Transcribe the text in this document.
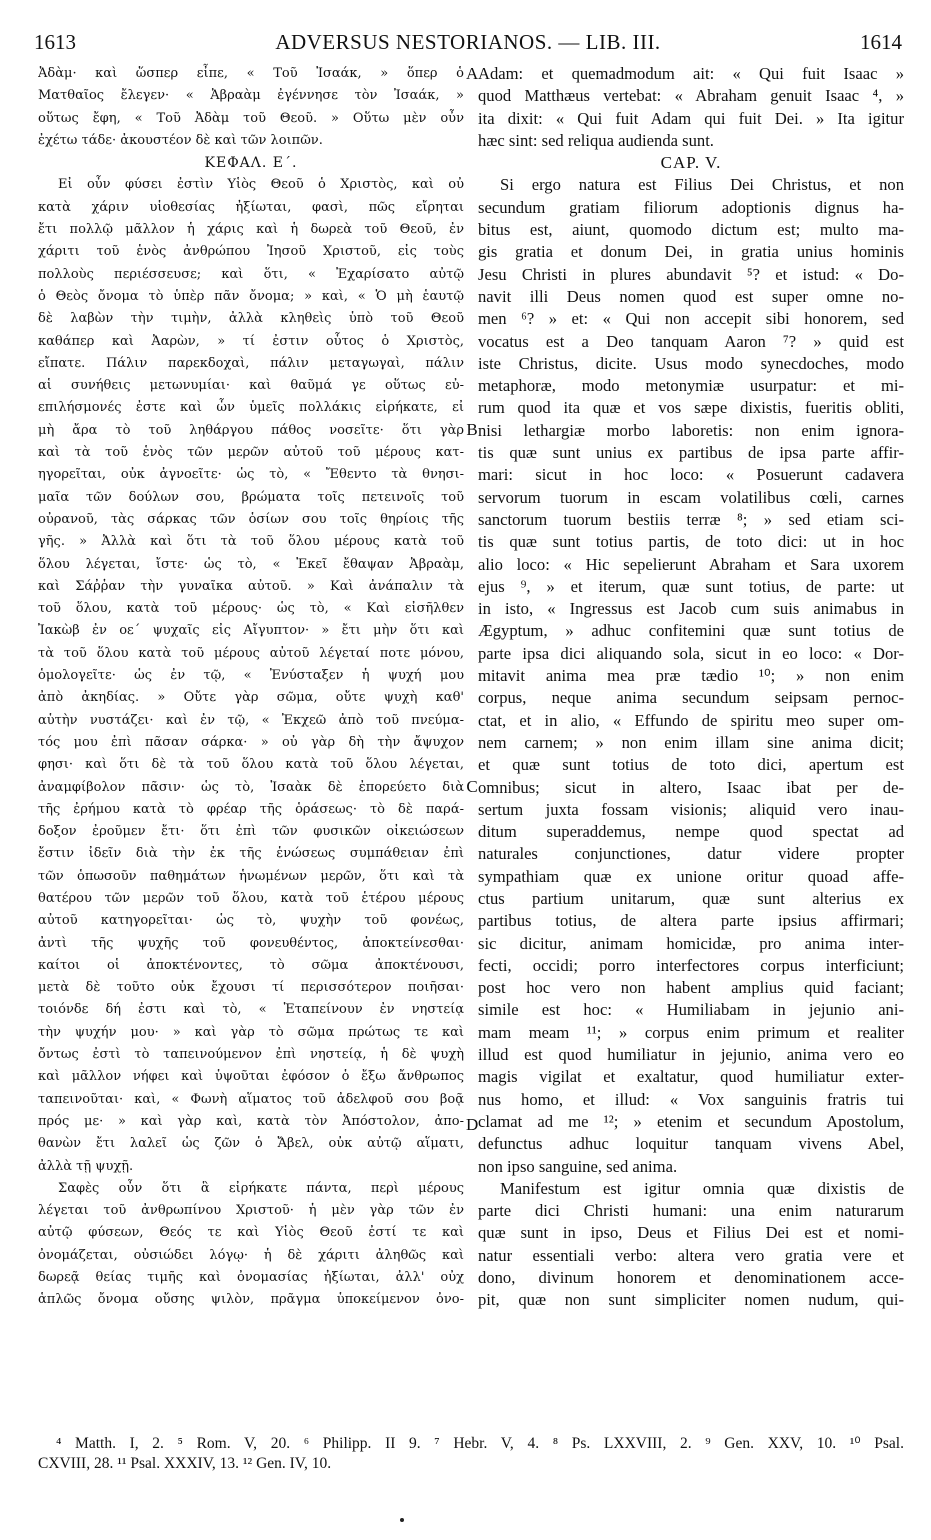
1613	ADVERSUS NESTORIANOS. — LIB. III.	1614
Ἀδὰμ· καὶ ὥσπερ εἶπε, « Τοῦ Ἰσαάκ, » ὅπερ ὁ
Ματθαῖος ἔλεγεν· « Ἀβραὰμ ἐγέννησε τὸν Ἰσαάκ, »
οὕτως ἔφη, « Τοῦ Ἀδὰμ τοῦ Θεοῦ. » Οὕτω μὲν οὖν
ἐχέτω τάδε· ἀκουστέον δὲ καὶ τῶν λοιπῶν.
ΚΕΦΑΛ. Ε΄.
Εἰ οὖν φύσει ἐστὶν Υἱὸς Θεοῦ ὁ Χριστὸς, καὶ οὐ
κατὰ χάριν υἱοθεσίας ἠξίωται, φασὶ, πῶς εἴρηται
ἔτι πολλῷ μᾶλλον ἡ χάρις καὶ ἡ δωρεὰ τοῦ Θεοῦ, ἐν
χάριτι τοῦ ἑνὸς ἀνθρώπου Ἰησοῦ Χριστοῦ, εἰς τοὺς
πολλοὺς περιέσσευσε; καὶ ὅτι, « Ἐχαρίσατο αὐτῷ
ὁ Θεὸς ὄνομα τὸ ὑπὲρ πᾶν ὄνομα; » καὶ, « Ὁ μὴ ἑαυτῷ
δὲ λαβὼν τὴν τιμὴν, ἀλλὰ κληθεὶς ὑπὸ τοῦ Θεοῦ
καθάπερ καὶ Ἀαρὼν, » τί ἐστιν οὗτος ὁ Χριστὸς,
εἴπατε. Πάλιν παρεκδοχαὶ, πάλιν μεταγωγαὶ, πάλιν
αἱ συνήθεις μετωνυμίαι· καὶ θαῦμά γε οὕτως εὐ-
επιλήσμονές ἐστε καὶ ὧν ὑμεῖς πολλάκις εἰρήκατε, εἰ
μὴ ἄρα τὸ τοῦ ληθάργου πάθος νοσεῖτε· ὅτι γὰρ
καὶ τὰ τοῦ ἑνὸς τῶν μερῶν αὐτοῦ τοῦ μέρους κατ-
ηγορεῖται, οὐκ ἀγνοεῖτε· ὡς τὸ, « Ἔθεντο τὰ θνησι-
μαῖα τῶν δούλων σου, βρώματα τοῖς πετεινοῖς τοῦ
οὐρανοῦ, τὰς σάρκας τῶν ὁσίων σου τοῖς θηρίοις τῆς
γῆς. » Ἀλλὰ καὶ ὅτι τὰ τοῦ ὅλου μέρους κατὰ τοῦ
ὅλου λέγεται, ἴστε· ὡς τὸ, « Ἐκεῖ ἔθαψαν Ἀβραὰμ,
καὶ Σάῤῥαν τὴν γυναῖκα αὐτοῦ. » Καὶ ἀνάπαλιν τὰ
τοῦ ὅλου, κατὰ τοῦ μέρους· ὡς τὸ, « Καὶ εἰσῆλθεν
Ἰακὼβ ἐν οε΄ ψυχαῖς εἰς Αἴγυπτον· » ἔτι μὴν ὅτι καὶ
τὰ τοῦ ὅλου κατὰ τοῦ μέρους αὐτοῦ λέγεταί ποτε μόνου,
ὁμολογεῖτε· ὡς ἐν τῷ, « Ἐνύσταξεν ἡ ψυχή μου
ἀπὸ ἀκηδίας. » Οὔτε γὰρ σῶμα, οὔτε ψυχὴ καθ'
αὑτὴν νυστάζει· καὶ ἐν τῷ, « Ἐκχεῶ ἀπὸ τοῦ πνεύμα-
τός μου ἐπὶ πᾶσαν σάρκα· » οὐ γὰρ δὴ τὴν ἄψυχον
φησι· καὶ ὅτι δὲ τὰ τοῦ ὅλου κατὰ τοῦ ὅλου λέγεται,
ἀναμφίβολον πᾶσιν· ὡς τὸ, Ἰσαὰκ δὲ ἐπορεύετο διὰ
τῆς ἐρήμου κατὰ τὸ φρέαρ τῆς ὁράσεως· τὸ δὲ παρά-
δοξον ἐροῦμεν ἔτι· ὅτι ἐπὶ τῶν φυσικῶν οἰκειώσεων
ἔστιν ἰδεῖν διὰ τὴν ἐκ τῆς ἑνώσεως συμπάθειαν ἐπὶ
τῶν ὁπωσοῦν παθημάτων ἡνωμένων μερῶν, ὅτι καὶ τὰ
θατέρου τῶν μερῶν τοῦ ὅλου, κατὰ τοῦ ἑτέρου μέρους
αὐτοῦ κατηγορεῖται· ὡς τὸ, ψυχὴν τοῦ φονέως,
ἀντὶ τῆς ψυχῆς τοῦ φονευθέντος, ἀποκτείνεσθαι·
καίτοι οἱ ἀποκτένοντες, τὸ σῶμα ἀποκτένουσι,
μετὰ δὲ τοῦτο οὐκ ἔχουσι τί περισσότερον ποιῆσαι·
τοιόνδε δή ἐστι καὶ τὸ, « Ἐταπείνουν ἐν νηστείᾳ
τὴν ψυχήν μου· » καὶ γὰρ τὸ σῶμα πρώτως τε καὶ
ὄντως ἐστὶ τὸ ταπεινούμενον ἐπὶ νηστείᾳ, ἡ δὲ ψυχὴ
καὶ μᾶλλον νήφει καὶ ὑψοῦται ἐφόσον ὁ ἔξω ἄνθρωπος
ταπεινοῦται· καὶ, « Φωνὴ αἵματος τοῦ ἀδελφοῦ σου βοᾷ
πρός με· » καὶ γὰρ καὶ, κατὰ τὸν Ἀπόστολον, ἀπο-
θανὼν ἔτι λαλεῖ ὡς ζῶν ὁ Ἄβελ, οὐκ αὐτῷ αἵματι,
ἀλλὰ τῇ ψυχῇ.
Σαφὲς οὖν ὅτι ἃ εἰρήκατε πάντα, περὶ μέρους
λέγεται τοῦ ἀνθρωπίνου Χριστοῦ· ἡ μὲν γὰρ τῶν ἐν
αὐτῷ φύσεων, Θεός τε καὶ Υἱὸς Θεοῦ ἐστί τε καὶ
ὀνομάζεται, οὐσιώδει λόγῳ· ἡ δὲ χάριτι ἀληθῶς καὶ
δωρεᾷ θείας τιμῆς καὶ ὀνομασίας ἠξίωται, ἀλλ' οὐχ
ἁπλῶς ὄνομα οὔσης ψιλὸν, πρᾶγμα ὑποκείμενον ὀνο-
Adam: et quemadmodum ait: « Qui fuit Isaac »
quod Matthæus vertebat: « Abraham genuit Isaac ⁴, »
ita dixit: « Qui fuit Adam qui fuit Dei. » Ita igitur
hæc sint: sed reliqua audienda sunt.
CAP. V.
Si ergo natura est Filius Dei Christus, et non
secundum gratiam filiorum adoptionis dignus ha-
bitus est, aiunt, quomodo dictum est; multo ma-
gis gratia et donum Dei, in gratia unius hominis
Jesu Christi in plures abundavit ⁵? et istud: « Do-
navit illi Deus nomen quod est super omne no-
men ⁶? » et: « Qui non accepit sibi honorem, sed
vocatus est a Deo tanquam Aaron ⁷? » quid est
iste Christus, dicite. Usus modo synecdoches, modo
metaphoræ, modo metonymiæ usurpatur: et mi-
rum quod ita quæ et vos sæpe dixistis, fueritis obliti,
nisi lethargiæ morbo laboretis: non enim ignora-
tis quæ sunt unius ex partibus de ipsa parte affir-
mari: sicut in hoc loco: « Posuerunt cadavera
servorum tuorum in escam volatilibus cœli, carnes
sanctorum tuorum bestiis terræ ⁸; » sed etiam sci-
tis quæ sunt totius partis, de toto dici: ut in hoc
alio loco: « Hic sepelierunt Abraham et Sara uxorem
ejus ⁹, » et iterum, quæ sunt totius, de parte: ut
in isto, « Ingressus est Jacob cum suis animabus in
Ægyptum, » adhuc confitemini quæ sunt totius de
parte ipsa dici aliquando sola, sicut in eo loco: « Dor-
mitavit anima mea præ tædio ¹⁰; » non enim
corpus, neque anima secundum seipsam pernoc-
ctat, et in alio, « Effundo de spiritu meo super om-
nem carnem; » non enim illam sine anima dicit;
et quæ sunt totius de toto dici, apertum est
omnibus; sicut in altero, Isaac ibat per de-
sertum juxta fossam visionis; aliquid vero inau-
ditum superaddemus, nempe quod spectat ad
naturales conjunctiones, datur videre propter
sympathiam quæ ex unione oritur quoad affe-
ctus partium unitarum, quæ sunt alterius ex
partibus totius, de altera parte ipsius affirmari;
sic dicitur, animam homicidæ, pro anima inter-
fecti, occidi; porro interfectores corpus interficiunt;
post hoc vero non habent amplius quid faciant;
simile est hoc: « Humiliabam in jejunio ani-
mam meam ¹¹; » corpus enim primum et realiter
illud est quod humiliatur in jejunio, anima vero eo
magis vigilat et exaltatur, quod humiliatur exter-
nus homo, et illud: « Vox sanguinis fratris tui
clamat ad me ¹²; » etenim et secundum Apostolum,
defunctus adhuc loquitur tanquam vivens Abel,
non ipso sanguine, sed anima.
Manifestum est igitur omnia quæ dixistis de
parte dici Christi humani: una enim naturarum
quæ sunt in ipso, Deus et Filius Dei est et nomi-
natur essentiali verbo: altera vero gratia vere et
dono, divinum honorem et denominationem acce-
pit, quæ non sunt simpliciter nomen nudum, qui-
A
B
C
D
⁴ Matth. I, 2. ⁵ Rom. V, 20. ⁶ Philipp. II 9. ⁷ Hebr. V, 4. ⁸ Ps. LXXVIII, 2. ⁹ Gen. XXV, 10. ¹⁰ Psal.
CXVIII, 28. ¹¹ Psal. XXXIV, 13. ¹² Gen. IV, 10.
